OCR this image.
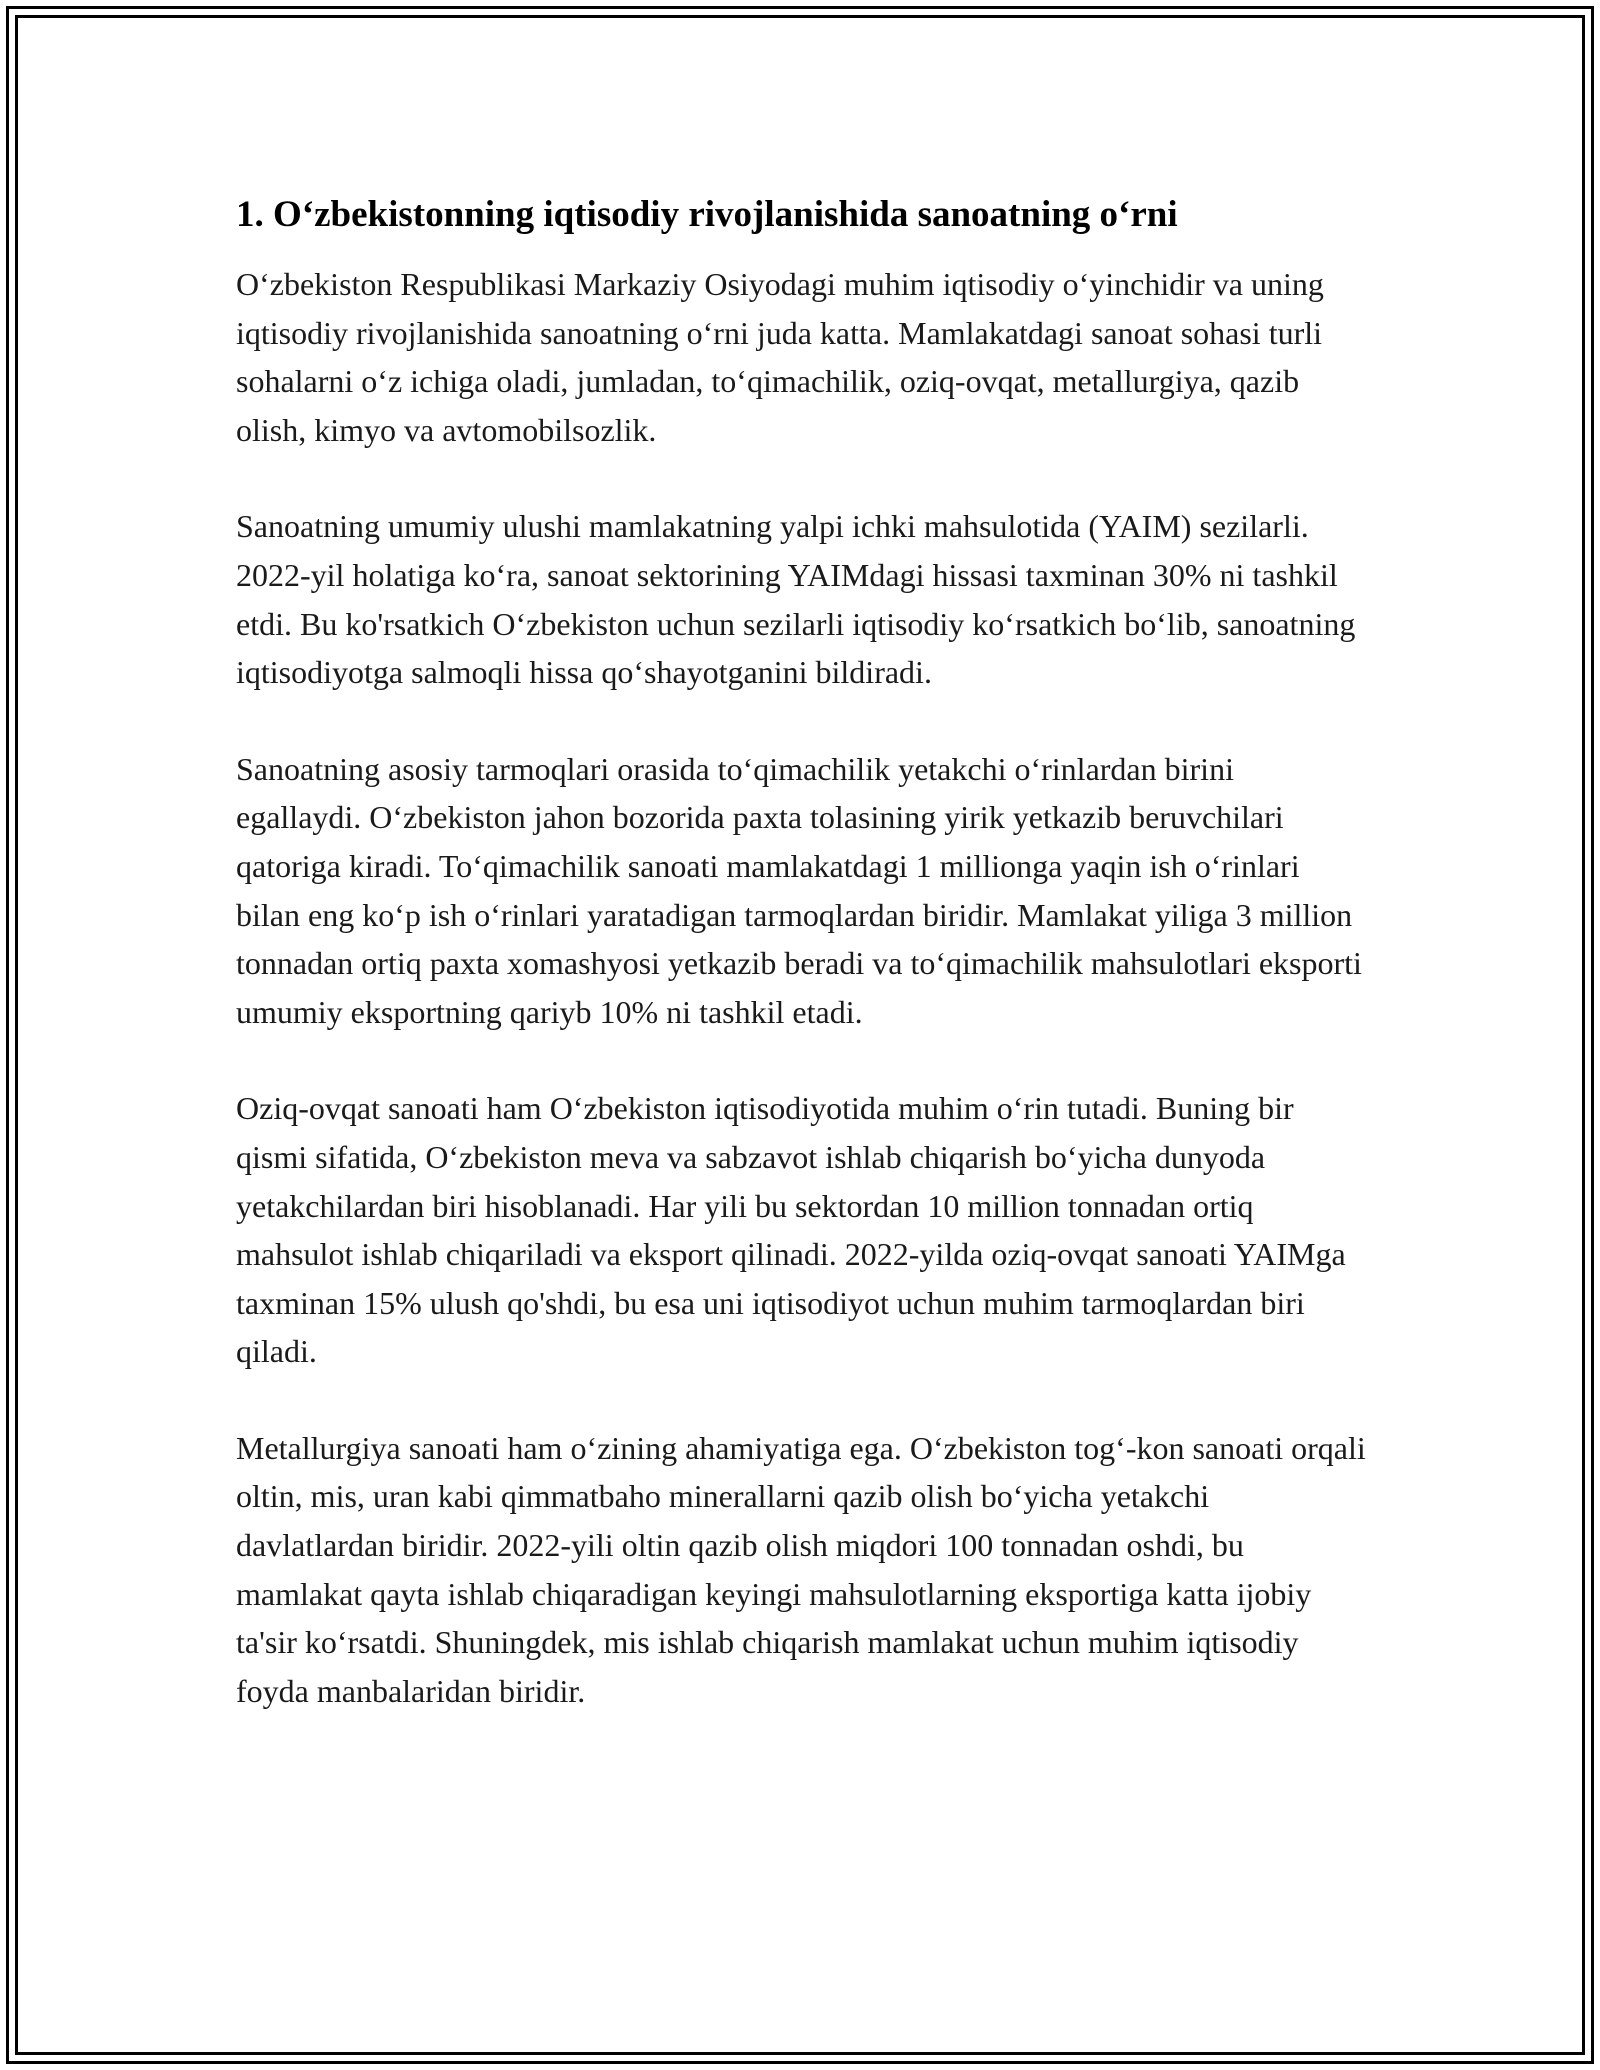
1. O‘zbekistonning iqtisodiy rivojlanishida sanoatning o‘rni

O‘zbekiston Respublikasi Markaziy Osiyodagi muhim iqtisodiy o‘yinchidir va uning iqtisodiy rivojlanishida sanoatning o‘rni juda katta. Mamlakatdagi sanoat sohasi turli sohalarni o‘z ichiga oladi, jumladan, to‘qimachilik, oziq-ovqat, metallurgiya, qazib olish, kimyo va avtomobilsozlik.

Sanoatning umumiy ulushi mamlakatning yalpi ichki mahsulotida (YAIM) sezilarli. 2022-yil holatiga ko‘ra, sanoat sektorining YAIMdagi hissasi taxminan 30% ni tashkil etdi. Bu ko'rsatkich O‘zbekiston uchun sezilarli iqtisodiy ko‘rsatkich bo‘lib, sanoatning iqtisodiyotga salmoqli hissa qo‘shayotganini bildiradi.

Sanoatning asosiy tarmoqlari orasida to‘qimachilik yetakchi o‘rinlardan birini egallaydi. O‘zbekiston jahon bozorida paxta tolasining yirik yetkazib beruvchilari qatoriga kiradi. To‘qimachilik sanoati mamlakatdagi 1 millionga yaqin ish o‘rinlari bilan eng ko‘p ish o‘rinlari yaratadigan tarmoqlardan biridir. Mamlakat yiliga 3 million tonnadan ortiq paxta xomashyosi yetkazib beradi va to‘qimachilik mahsulotlari eksporti umumiy eksportning qariyb 10% ni tashkil etadi.

Oziq-ovqat sanoati ham O‘zbekiston iqtisodiyotida muhim o‘rin tutadi. Buning bir qismi sifatida, O‘zbekiston meva va sabzavot ishlab chiqarish bo‘yicha dunyoda yetakchilardan biri hisoblanadi. Har yili bu sektordan 10 million tonnadan ortiq mahsulot ishlab chiqariladi va eksport qilinadi. 2022-yilda oziq-ovqat sanoati YAIMga taxminan 15% ulush qo'shdi, bu esa uni iqtisodiyot uchun muhim tarmoqlardan biri qiladi.

Metallurgiya sanoati ham o‘zining ahamiyatiga ega. O‘zbekiston tog‘-kon sanoati orqali oltin, mis, uran kabi qimmatbaho minerallarni qazib olish bo‘yicha yetakchi davlatlardan biridir. 2022-yili oltin qazib olish miqdori 100 tonnadan oshdi, bu mamlakat qayta ishlab chiqaradigan keyingi mahsulotlarning eksportiga katta ijobiy ta'sir ko‘rsatdi. Shuningdek, mis ishlab chiqarish mamlakat uchun muhim iqtisodiy foyda manbalaridan biridir.
